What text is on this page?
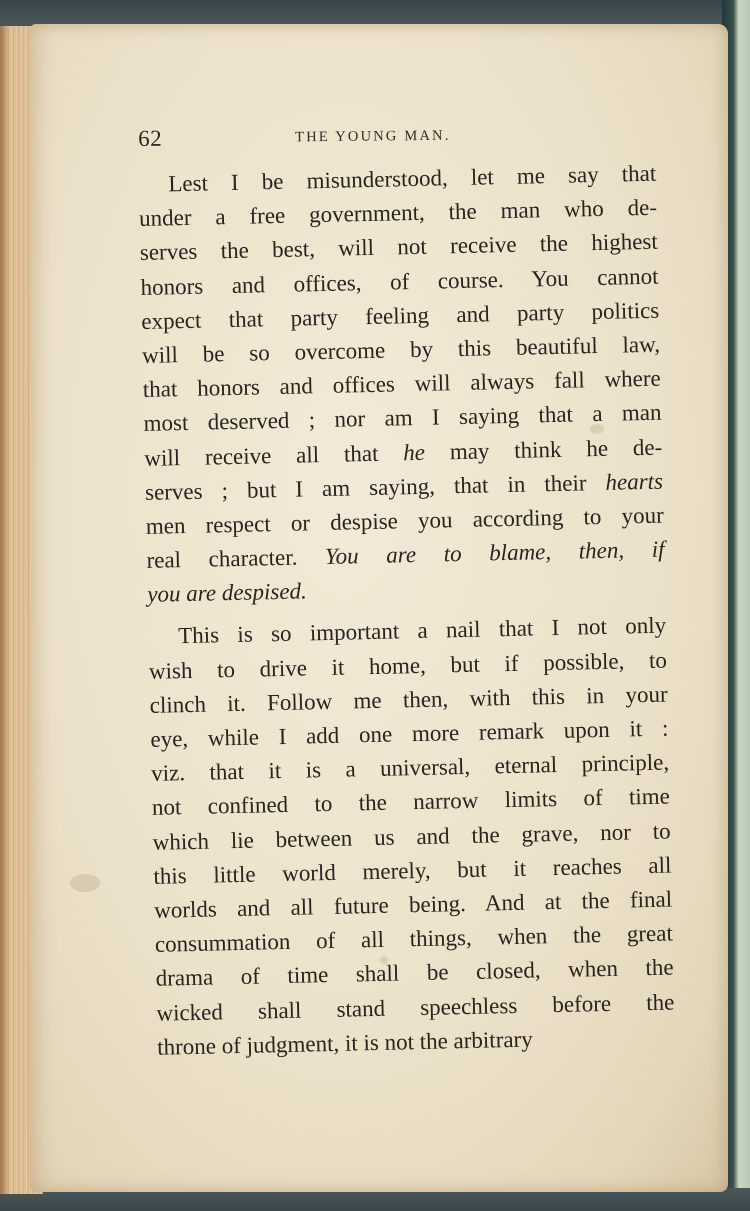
62	THE YOUNG MAN.
Lest I be misunderstood, let me say that
under a free government, the man who de-
serves the best, will not receive the highest
honors and offices, of course. You cannot
expect that party feeling and party politics
will be so overcome by this beautiful law,
that honors and offices will always fall where
most deserved ; nor am I saying that a man
will receive all that he may think he de-
serves ; but I am saying, that in their hearts
men respect or despise you according to your
real character. You are to blame, then, if
you are despised.
This is so important a nail that I not only
wish to drive it home, but if possible, to
clinch it. Follow me then, with this in your
eye, while I add one more remark upon it :
viz. that it is a universal, eternal principle,
not confined to the narrow limits of time
which lie between us and the grave, nor to
this little world merely, but it reaches all
worlds and all future being. And at the final
consummation of all things, when the great
drama of time shall be closed, when the
wicked shall stand speechless before the
throne of judgment, it is not the arbitrary
